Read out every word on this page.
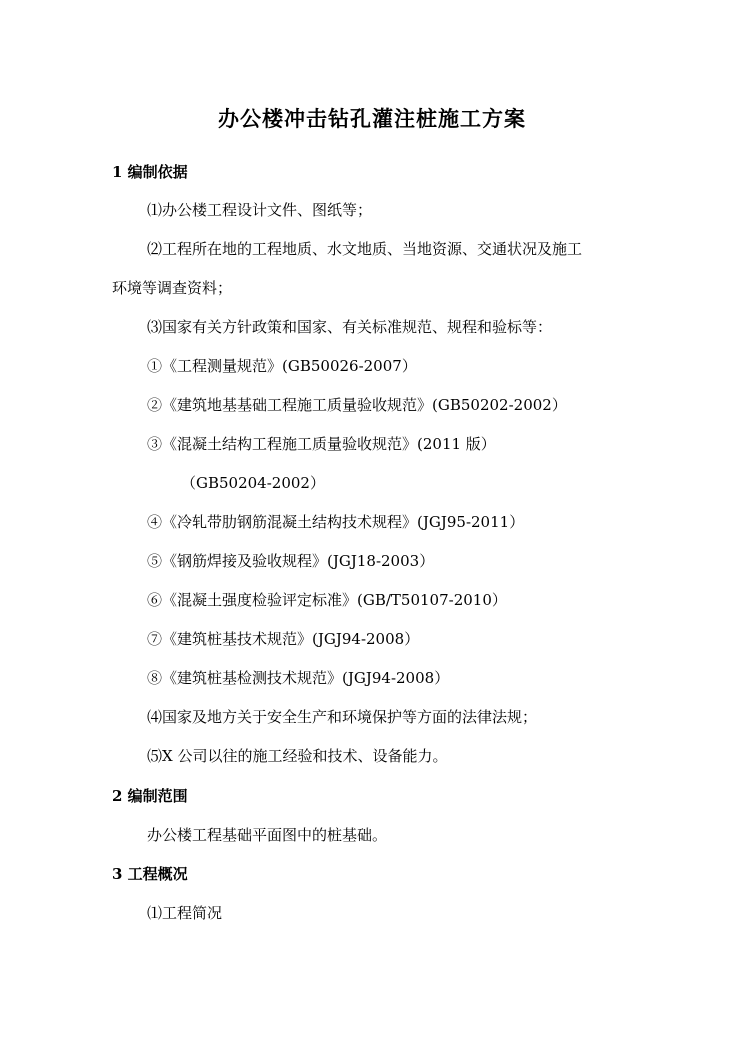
办公楼冲击钻孔灌注桩施工方案
1 编制依据
⑴办公楼工程设计文件、图纸等；
⑵工程所在地的工程地质、水文地质、当地资源、交通状况及施工
环境等调查资料；
⑶国家有关方针政策和国家、有关标准规范、规程和验标等：
①《工程测量规范》(GB50026-2007）
②《建筑地基基础工程施工质量验收规范》(GB50202-2002）
③《混凝土结构工程施工质量验收规范》(2011 版）
（GB50204-2002）
④《冷轧带肋钢筋混凝土结构技术规程》(JGJ95-2011）
⑤《钢筋焊接及验收规程》(JGJ18-2003）
⑥《混凝土强度检验评定标准》(GB/T50107-2010）
⑦《建筑桩基技术规范》(JGJ94-2008）
⑧《建筑桩基检测技术规范》(JGJ94-2008）
⑷国家及地方关于安全生产和环境保护等方面的法律法规；
⑸X 公司以往的施工经验和技术、设备能力。
2 编制范围
办公楼工程基础平面图中的桩基础。
3 工程概况
⑴工程简况
